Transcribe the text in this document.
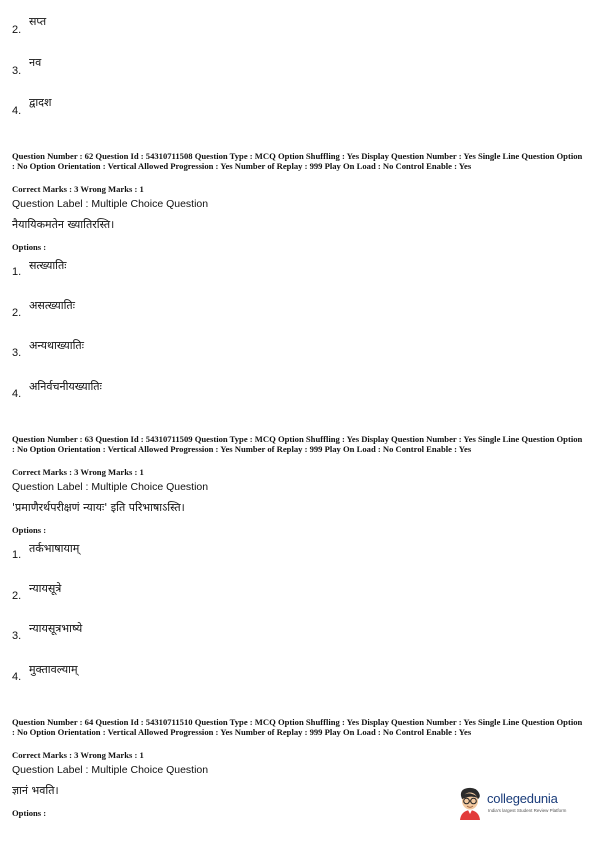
2.
सप्त
3.
नव
4.
द्वादश
Question Number : 62 Question Id : 54310711508 Question Type : MCQ Option Shuffling : Yes Display Question Number : Yes Single Line Question Option : No Option Orientation : Vertical Allowed Progression : Yes Number of Replay : 999 Play On Load : No Control Enable : Yes
Correct Marks : 3 Wrong Marks : 1
Question Label : Multiple Choice Question
नैयायिकमतेन ख्यातिरस्ति।
Options :
1. सत्ख्यातिः
2.
असत्ख्यातिः
3.
अन्यथाख्यातिः
4.
अनिर्वचनीयख्यातिः
Question Number : 63 Question Id : 54310711509 Question Type : MCQ Option Shuffling : Yes Display Question Number : Yes Single Line Question Option : No Option Orientation : Vertical Allowed Progression : Yes Number of Replay : 999 Play On Load : No Control Enable : Yes
Correct Marks : 3 Wrong Marks : 1
Question Label : Multiple Choice Question
'प्रमाणैरर्थपरीक्षणं न्यायः' इति परिभाषाऽस्ति।
Options :
1. तर्कभाषायाम्
2.
न्यायसूत्रे
3.
न्यायसूत्रभाष्ये
4.
मुक्तावल्याम्
Question Number : 64 Question Id : 54310711510 Question Type : MCQ Option Shuffling : Yes Display Question Number : Yes Single Line Question Option : No Option Orientation : Vertical Allowed Progression : Yes Number of Replay : 999 Play On Load : No Control Enable : Yes
Correct Marks : 3 Wrong Marks : 1
Question Label : Multiple Choice Question
ज्ञानं भवति।
Options :
collegedunia
India's largest Student Review Platform
